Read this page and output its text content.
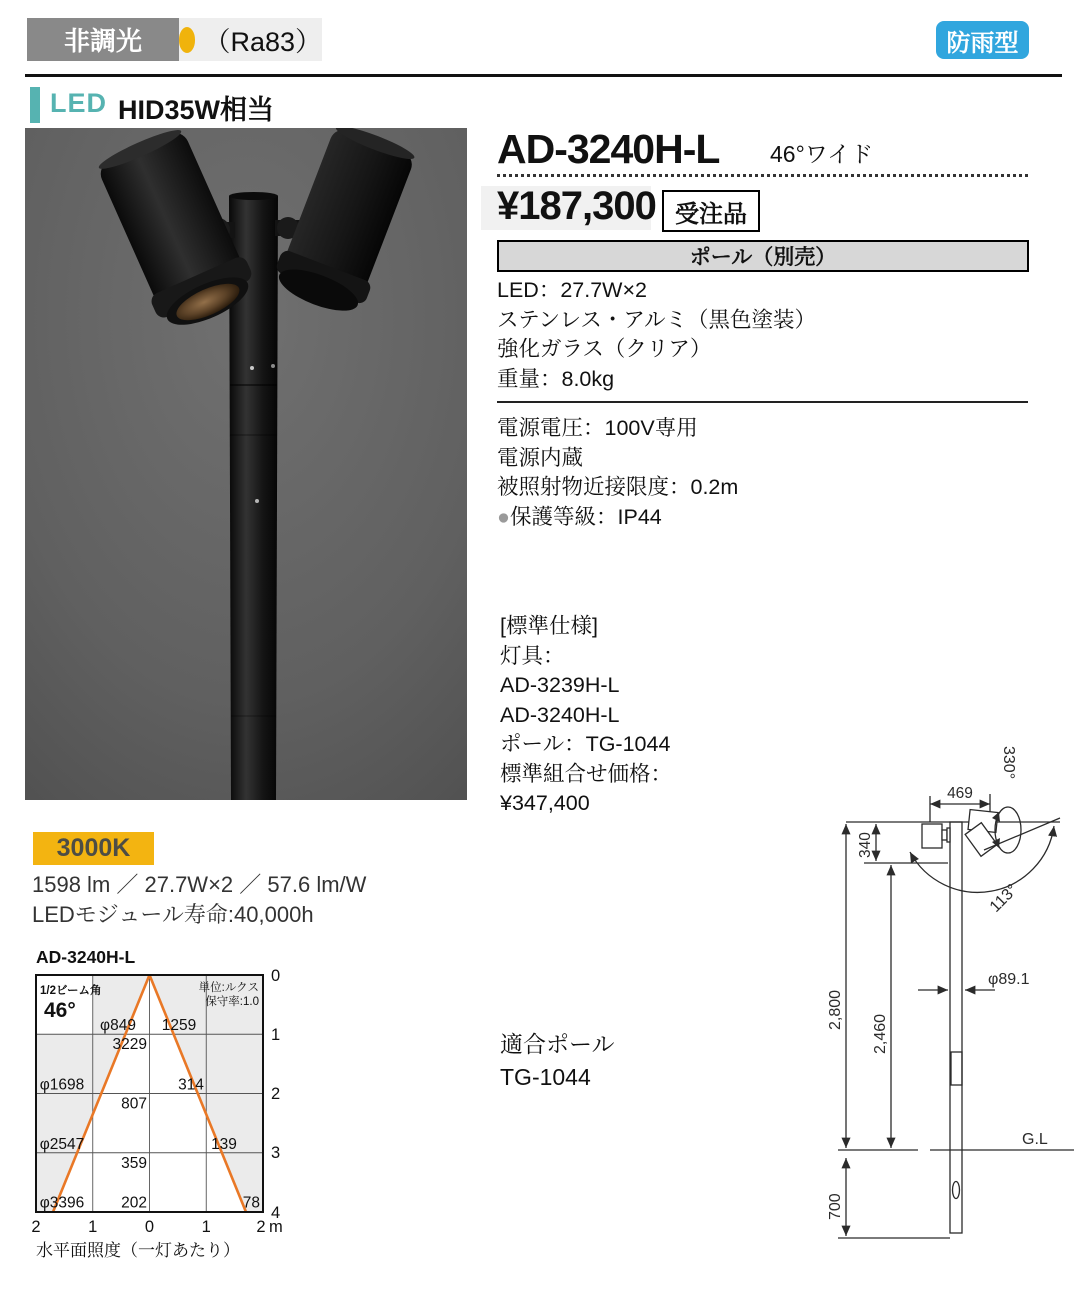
非調光	（Ra83）	防雨型
LED HID35W相当
AD-3240H-L 46°ワイド
¥187,300 受注品
ポール（別売）
LED：27.7W×2
ステンレス・アルミ（黒色塗装）
強化ガラス（クリア）
重量：8.0kg
電源電圧：100V専用
電源内蔵
被照射物近接限度：0.2m
●保護等級：IP44
[標準仕様]
灯具：
AD-3239H-L
AD-3240H-L
ポール：TG-1044
標準組合せ価格：
¥347,400
適合ポール
TG-1044
3000K
1598 lm ／ 27.7W×2 ／ 57.6 lm/W
LEDモジュール寿命:40,000h
AD-3240H-L
1/2ビーム角
46°
単位:ルクス
保守率:1.0
φ849 1259
3229
φ1698	314
807
φ2547	139
359
φ3396 202	78
0
1
2
3
4
2	1	0	1	2 m
水平面照度（一灯あたり）
469
330°
113°
340
2,800
2,460
700
φ89.1
G.L
